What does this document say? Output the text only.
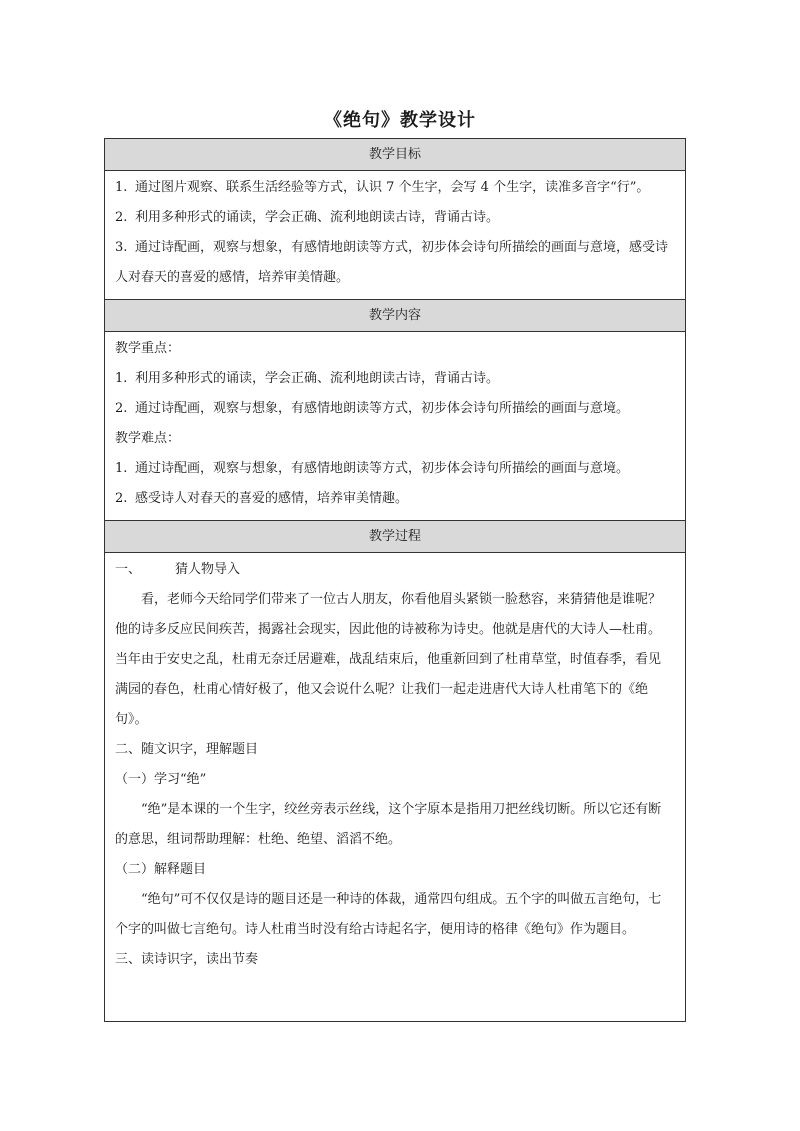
《绝句》教学设计
教学目标

1. 通过图片观察、联系生活经验等方式，认识 7 个生字，会写 4 个生字，读准多音字“行”。

2. 利用多种形式的诵读，学会正确、流利地朗读古诗，背诵古诗。

3. 通过诗配画，观察与想象，有感情地朗读等方式，初步体会诗句所描绘的画面与意境，感受诗人对春天的喜爱的感情，培养审美情趣。

教学内容

教学重点：

1. 利用多种形式的诵读，学会正确、流利地朗读古诗，背诵古诗。

2. 通过诗配画，观察与想象，有感情地朗读等方式，初步体会诗句所描绘的画面与意境。

教学难点：

1. 通过诗配画，观察与想象，有感情地朗读等方式，初步体会诗句所描绘的画面与意境。

2. 感受诗人对春天的喜爱的感情，培养审美情趣。

教学过程

一、	猜人物导入

看，老师今天给同学们带来了一位古人朋友，你看他眉头紧锁一脸愁容，来猜猜他是谁呢？他的诗多反应民间疾苦，揭露社会现实，因此他的诗被称为诗史。他就是唐代的大诗人—杜甫。当年由于安史之乱，杜甫无奈迁居避难，战乱结束后，他重新回到了杜甫草堂，时值春季，看见满园的春色，杜甫心情好极了，他又会说什么呢？让我们一起走进唐代大诗人杜甫笔下的《绝句》。

二、随文识字，理解题目

（一）学习“绝”

“绝”是本课的一个生字，绞丝旁表示丝线，这个字原本是指用刀把丝线切断。所以它还有断的意思，组词帮助理解：杜绝、绝望、滔滔不绝。

（二）解释题目

“绝句”可不仅仅是诗的题目还是一种诗的体裁，通常四句组成。五个字的叫做五言绝句，七个字的叫做七言绝句。诗人杜甫当时没有给古诗起名字，便用诗的格律《绝句》作为题目。

三、读诗识字，读出节奏
